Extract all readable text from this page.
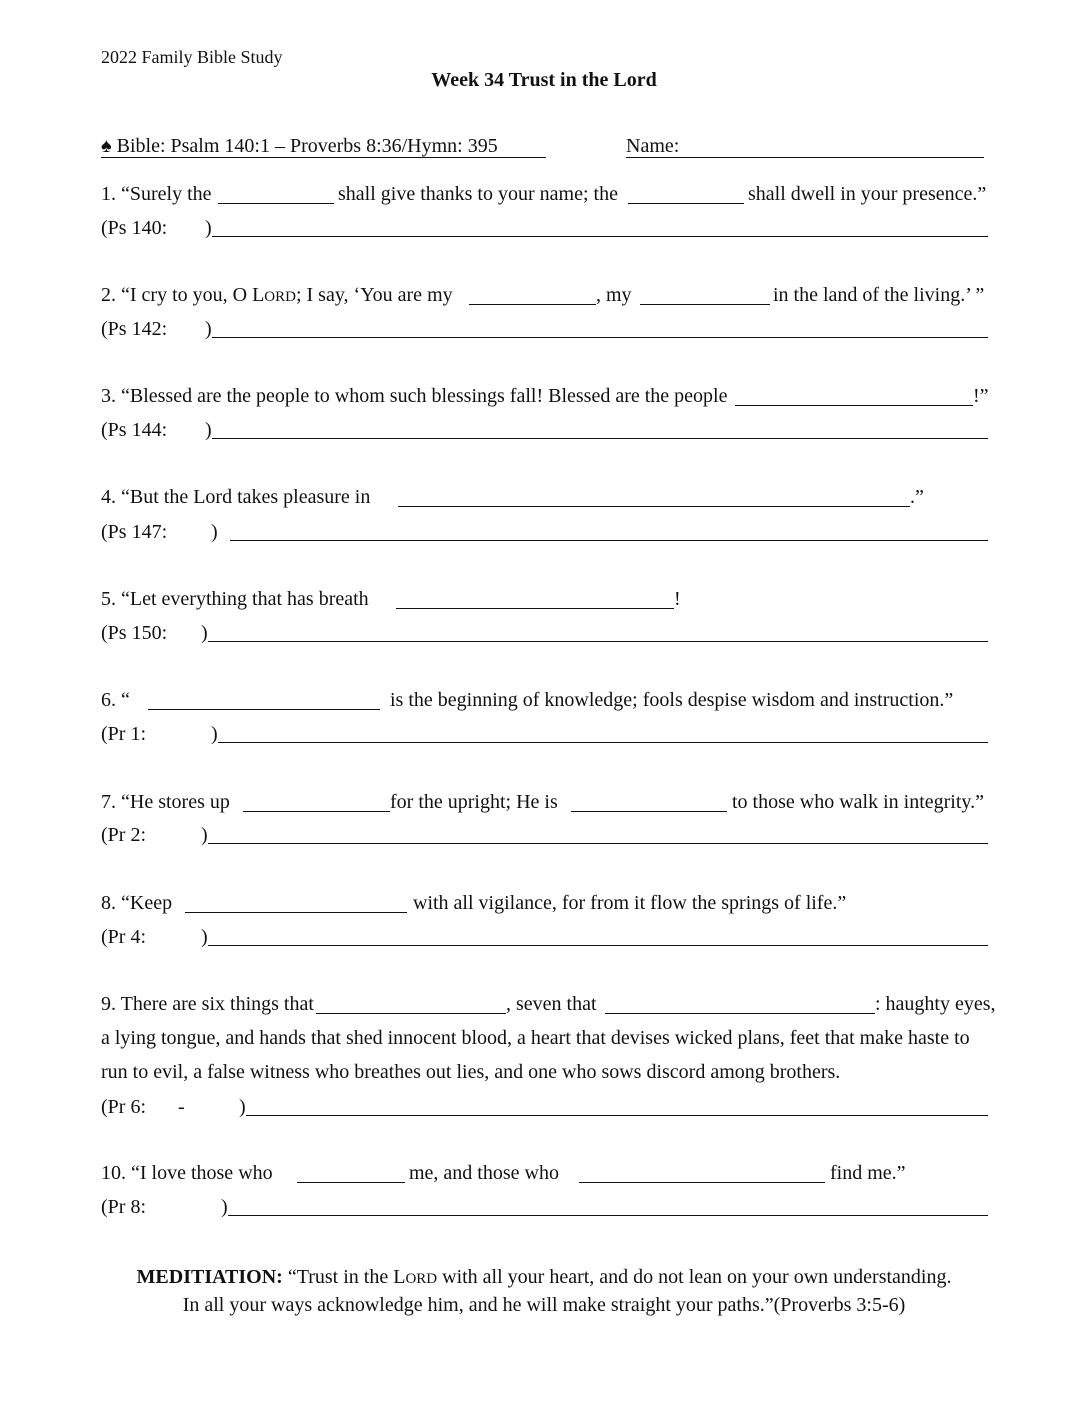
2022 Family Bible Study
Week 34 Trust in the Lord
♠ Bible: Psalm 140:1 – Proverbs 8:36/Hymn: 395	Name:
1. “Surely the	shall give thanks to your name; the	shall dwell in your presence.”
(Ps 140: )
2. “I cry to you, O LORD; I say, ‘You are my	, my	in the land of the living.’ ”
(Ps 142: )
3. “Blessed are the people to whom such blessings fall! Blessed are the people	!”
(Ps 144: )
4. “But the Lord takes pleasure in	.”
(Ps 147: )
5. “Let everything that has breath	!
(Ps 150: )
6. “	is the beginning of knowledge; fools despise wisdom and instruction.”
(Pr 1:	)
7. “He stores up	for the upright; He is	to those who walk in integrity.”
(Pr 2:	)
8. “Keep	with all vigilance, for from it flow the springs of life.”
(Pr 4:	)
9. There are six things that	, seven that	: haughty eyes,
a lying tongue, and hands that shed innocent blood, a heart that devises wicked plans, feet that make haste to
run to evil, a false witness who breathes out lies, and one who sows discord among brothers.
(Pr 6: -	)
10. “I love those who	me, and those who	find me.”
(Pr 8:	)
MEDITIATION: “Trust in the LORD with all your heart, and do not lean on your own understanding.
In all your ways acknowledge him, and he will make straight your paths.”(Proverbs 3:5-6)
